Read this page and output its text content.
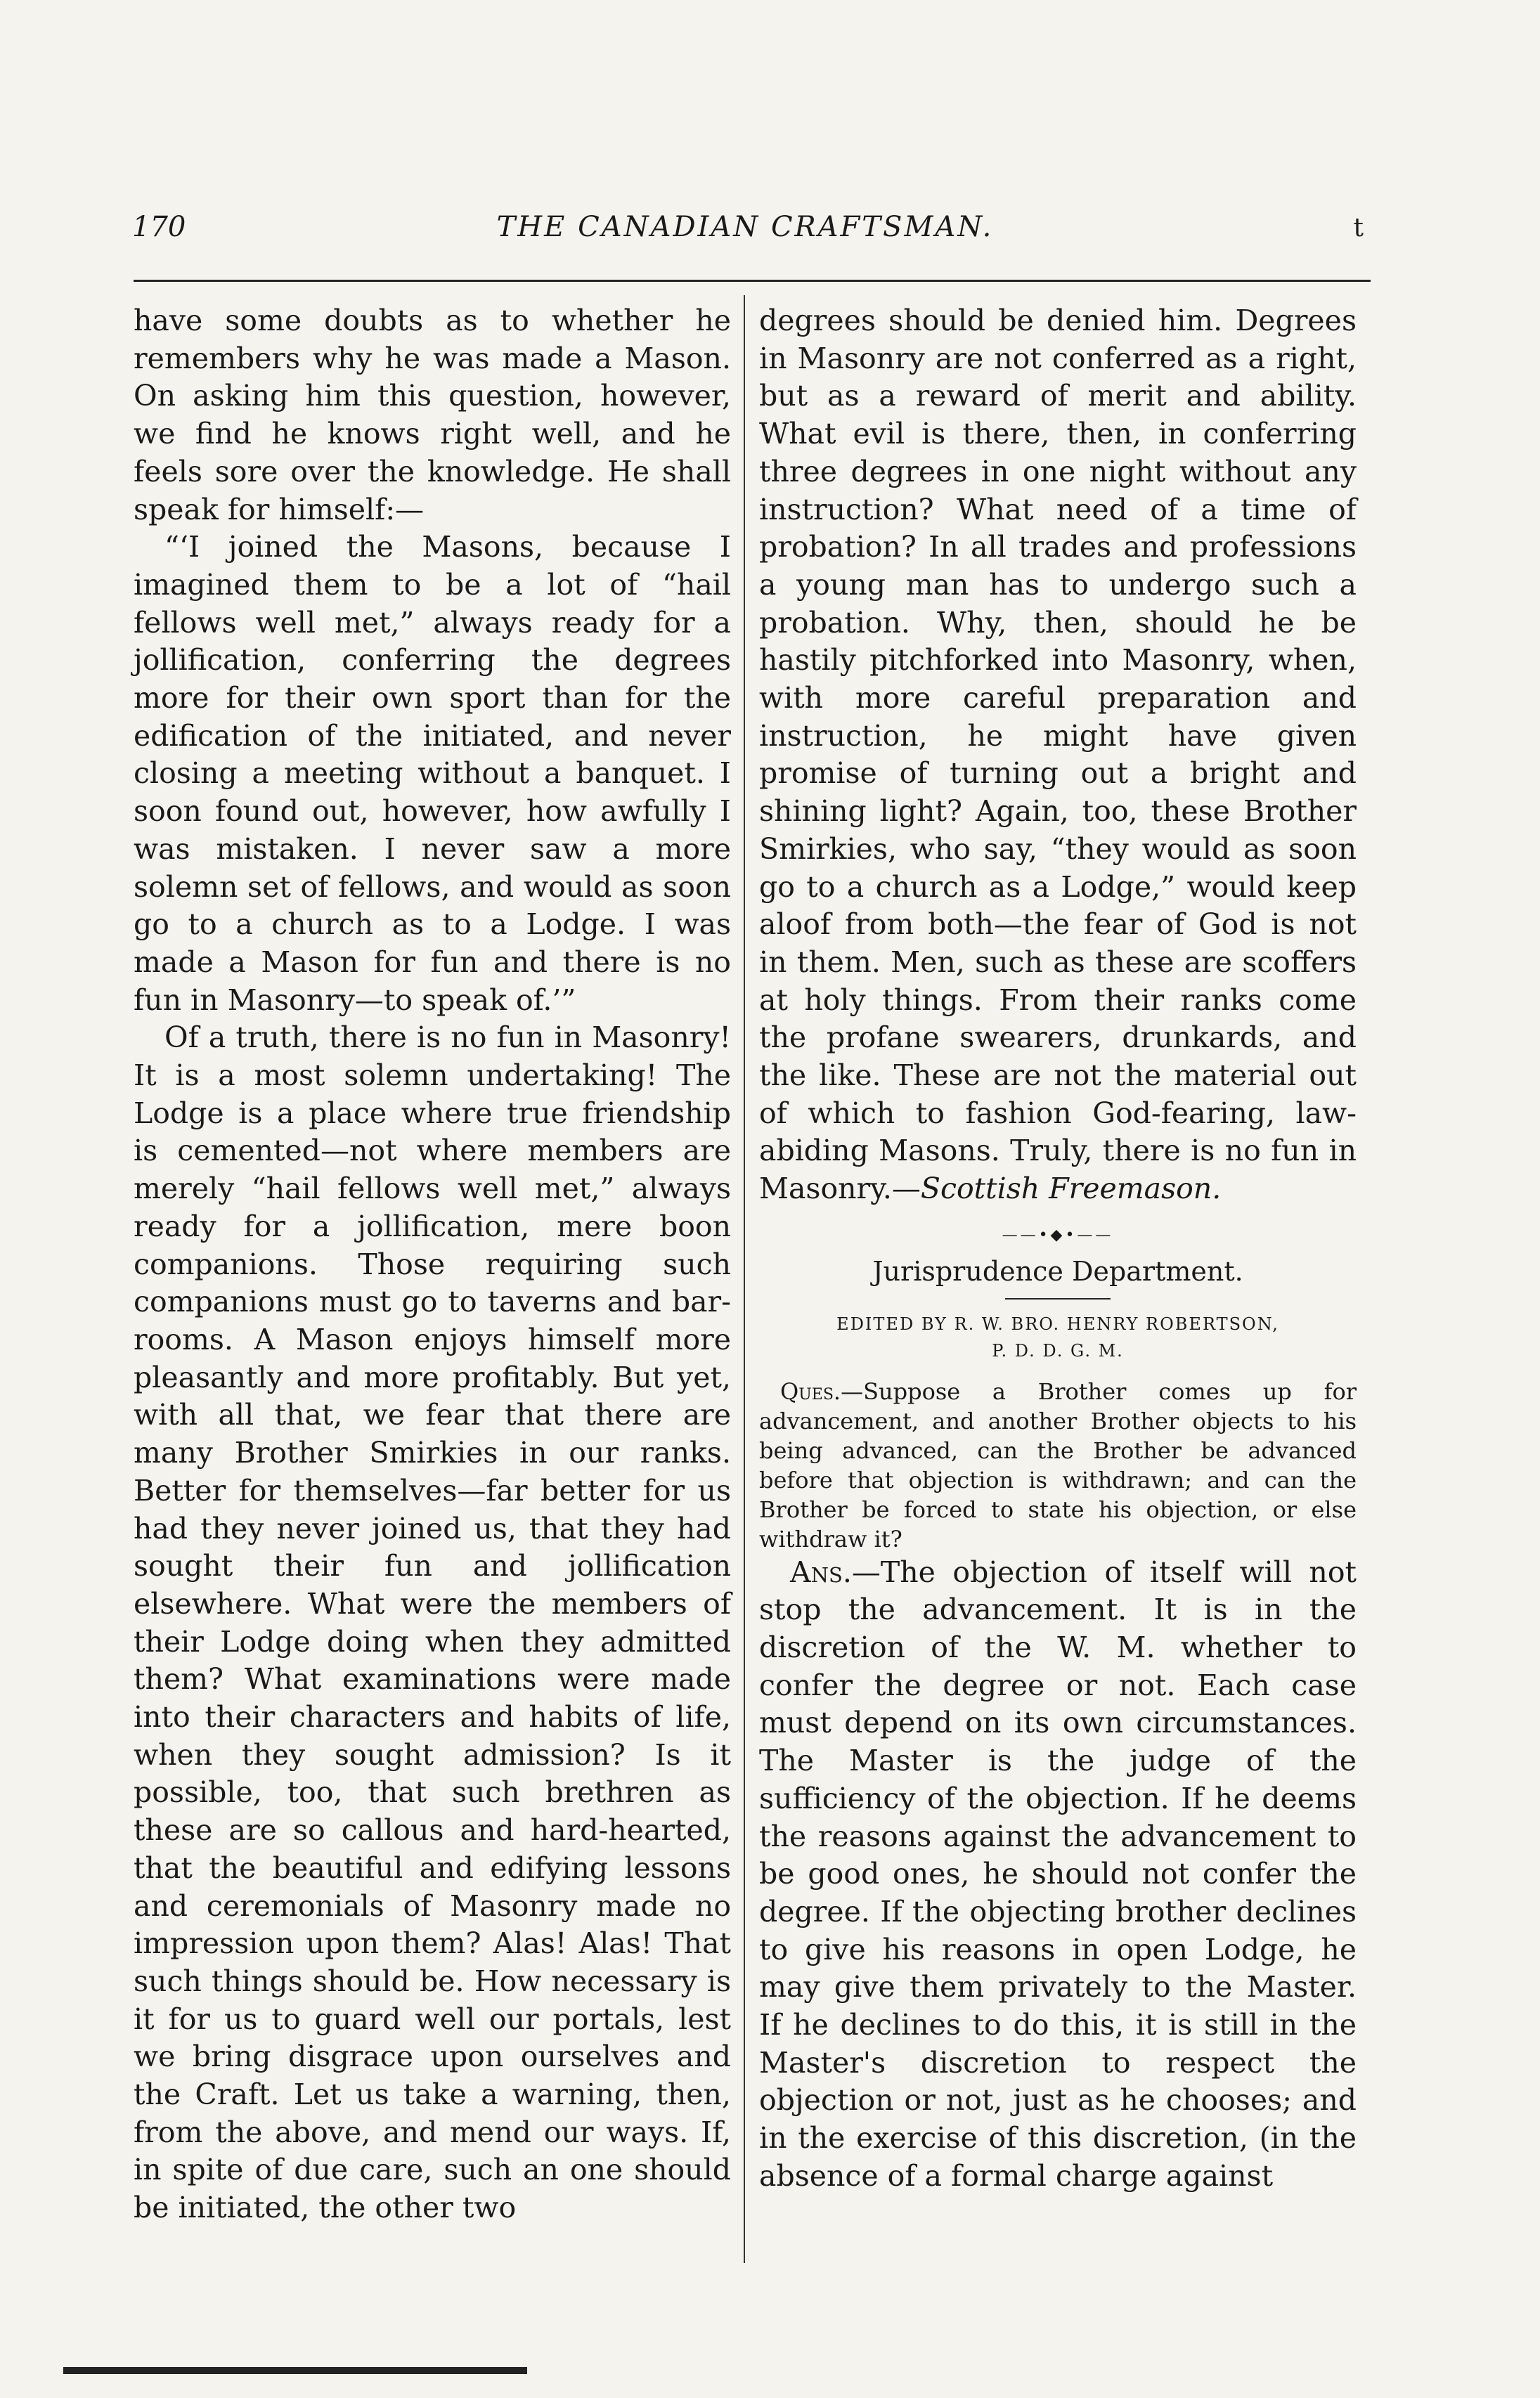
170	THE CANADIAN CRAFTSMAN.	t

have some doubts as to whether he remembers why he was made a Mason. On asking him this question, however, we find he knows right well, and he feels sore over the knowledge. He shall speak for himself:—

“‘I joined the Masons, because I imagined them to be a lot of “hail fellows well met,” always ready for a jollification, conferring the degrees more for their own sport than for the edification of the initiated, and never closing a meeting without a banquet. I soon found out, however, how awfully I was mistaken. I never saw a more solemn set of fellows, and would as soon go to a church as to a Lodge. I was made a Mason for fun and there is no fun in Masonry—to speak of.’”

Of a truth, there is no fun in Masonry! It is a most solemn undertaking! The Lodge is a place where true friendship is cemented—not where members are merely “hail fellows well met,” always ready for a jollification, mere boon companions. Those requiring such companions must go to taverns and bar-rooms. A Mason enjoys himself more pleasantly and more profitably. But yet, with all that, we fear that there are many Brother Smirkies in our ranks. Better for themselves—far better for us had they never joined us, that they had sought their fun and jollification elsewhere. What were the members of their Lodge doing when they admitted them? What examinations were made into their characters and habits of life, when they sought admission? Is it possible, too, that such brethren as these are so callous and hard-hearted, that the beautiful and edifying lessons and ceremonials of Masonry made no impression upon them? Alas! Alas! That such things should be. How necessary is it for us to guard well our portals, lest we bring disgrace upon ourselves and the Craft. Let us take a warning, then, from the above, and mend our ways. If, in spite of due care, such an one should be initiated, the other two

degrees should be denied him. Degrees in Masonry are not conferred as a right, but as a reward of merit and ability. What evil is there, then, in conferring three degrees in one night without any instruction? What need of a time of probation? In all trades and professions a young man has to undergo such a probation. Why, then, should he be hastily pitchforked into Masonry, when, with more careful preparation and instruction, he might have given promise of turning out a bright and shining light? Again, too, these Brother Smirkies, who say, “they would as soon go to a church as a Lodge,” would keep aloof from both—the fear of God is not in them. Men, such as these are scoffers at holy things. From their ranks come the profane swearers, drunkards, and the like. These are not the material out of which to fashion God-fearing, law-abiding Masons. Truly, there is no fun in Masonry.—Scottish Freemason.

——•◆•——
Jurisprudence Department.
EDITED BY R. W. BRO. HENRY ROBERTSON,
P. D. D. G. M.

Ques.—Suppose a Brother comes up for advancement, and another Brother objects to his being advanced, can the Brother be advanced before that objection is withdrawn; and can the Brother be forced to state his objection, or else withdraw it?

Ans.—The objection of itself will not stop the advancement. It is in the discretion of the W. M. whether to confer the degree or not. Each case must depend on its own circumstances. The Master is the judge of the sufficiency of the objection. If he deems the reasons against the advancement to be good ones, he should not confer the degree. If the objecting brother declines to give his reasons in open Lodge, he may give them privately to the Master. If he declines to do this, it is still in the Master's discretion to respect the objection or not, just as he chooses; and in the exercise of this discretion, (in the absence of a formal charge against
